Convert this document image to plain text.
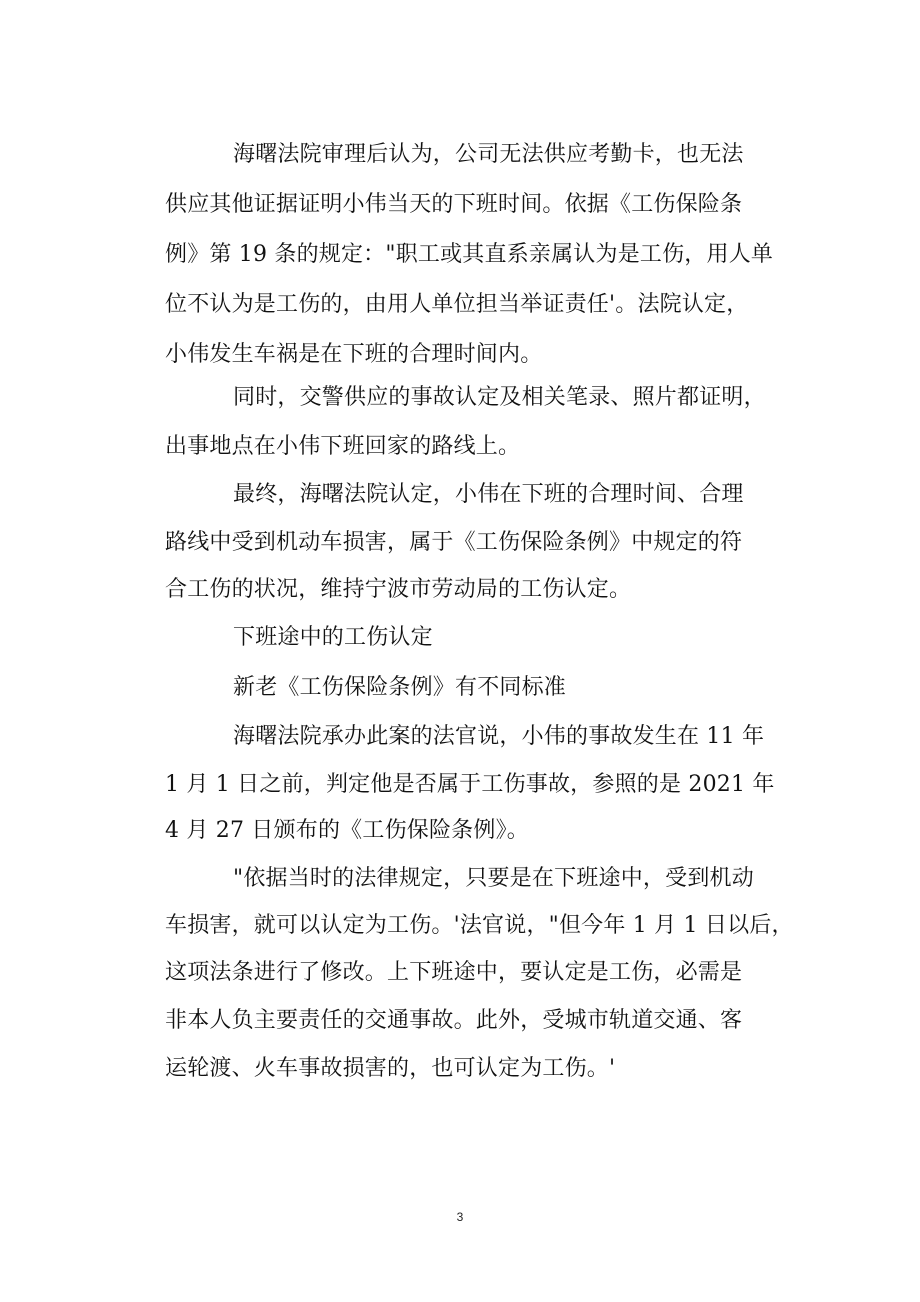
海曙法院审理后认为，公司无法供应考勤卡，也无法
供应其他证据证明小伟当天的下班时间。依据《工伤保险条
例》第 19 条的规定："职工或其直系亲属认为是工伤，用人单
位不认为是工伤的，由用人单位担当举证责任'。法院认定，
小伟发生车祸是在下班的合理时间内。
同时，交警供应的事故认定及相关笔录、照片都证明，
出事地点在小伟下班回家的路线上。
最终，海曙法院认定，小伟在下班的合理时间、合理
路线中受到机动车损害，属于《工伤保险条例》中规定的符
合工伤的状况，维持宁波市劳动局的工伤认定。
下班途中的工伤认定
新老《工伤保险条例》有不同标准
海曙法院承办此案的法官说，小伟的事故发生在 11 年
1 月 1 日之前，判定他是否属于工伤事故，参照的是 2021 年
4 月 27 日颁布的《工伤保险条例》。
"依据当时的法律规定，只要是在下班途中，受到机动
车损害，就可以认定为工伤。'法官说，"但今年 1 月 1 日以后，
这项法条进行了修改。上下班途中，要认定是工伤，必需是
非本人负主要责任的交通事故。此外，受城市轨道交通、客
运轮渡、火车事故损害的，也可认定为工伤。'
3
